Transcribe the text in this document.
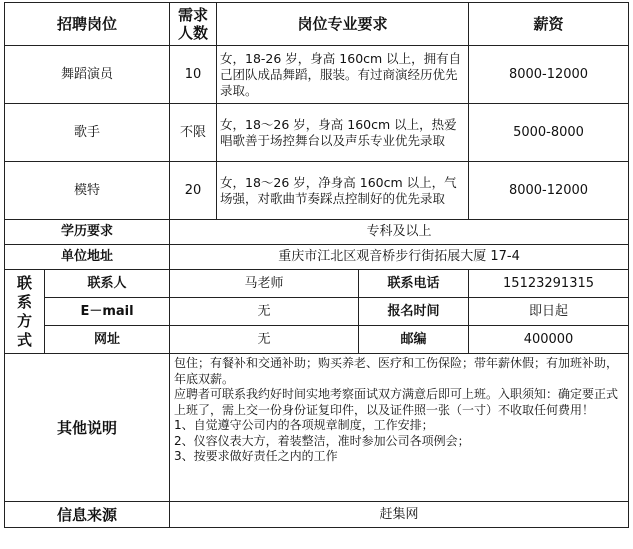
招聘岗位		需求人数	岗位专业要求		薪资
舞蹈演员		10	女，18-26 岁，身高 160cm 以上，拥有自己团队成品舞蹈，服装。有过商演经历优先录取。		8000-12000
歌手		不限	女，18～26 岁，身高 160cm 以上，热爱唱歌善于场控舞台以及声乐专业优先录取		5000-8000
模特		20	女，18～26 岁，净身高 160cm 以上，气场强，对歌曲节奏踩点控制好的优先录取		8000-12000
学历要求		专科及以上			
单位地址		重庆市江北区观音桥步行街拓展大厦 17-4			

联系方式	联系人	马老师		联系电话	15123291315
	E－mail	无		报名时间	即日起
	网址	无		邮编	400000
其他说明		包住；有餐补和交通补助；购买养老、医疗和工伤保险；带年薪休假；有加班补助，年底双薪。
应聘者可联系我约好时间实地考察面试双方满意后即可上班。入职须知：确定要正式上班了，需上交一份身份证复印件，以及证件照一张（一寸）不收取任何费用！
1、自觉遵守公司内的各项规章制度，工作安排；
2、仪容仪表大方，着装整洁，准时参加公司各项例会；
3、按要求做好责任之内的工作			

信息来源		赶集网			
